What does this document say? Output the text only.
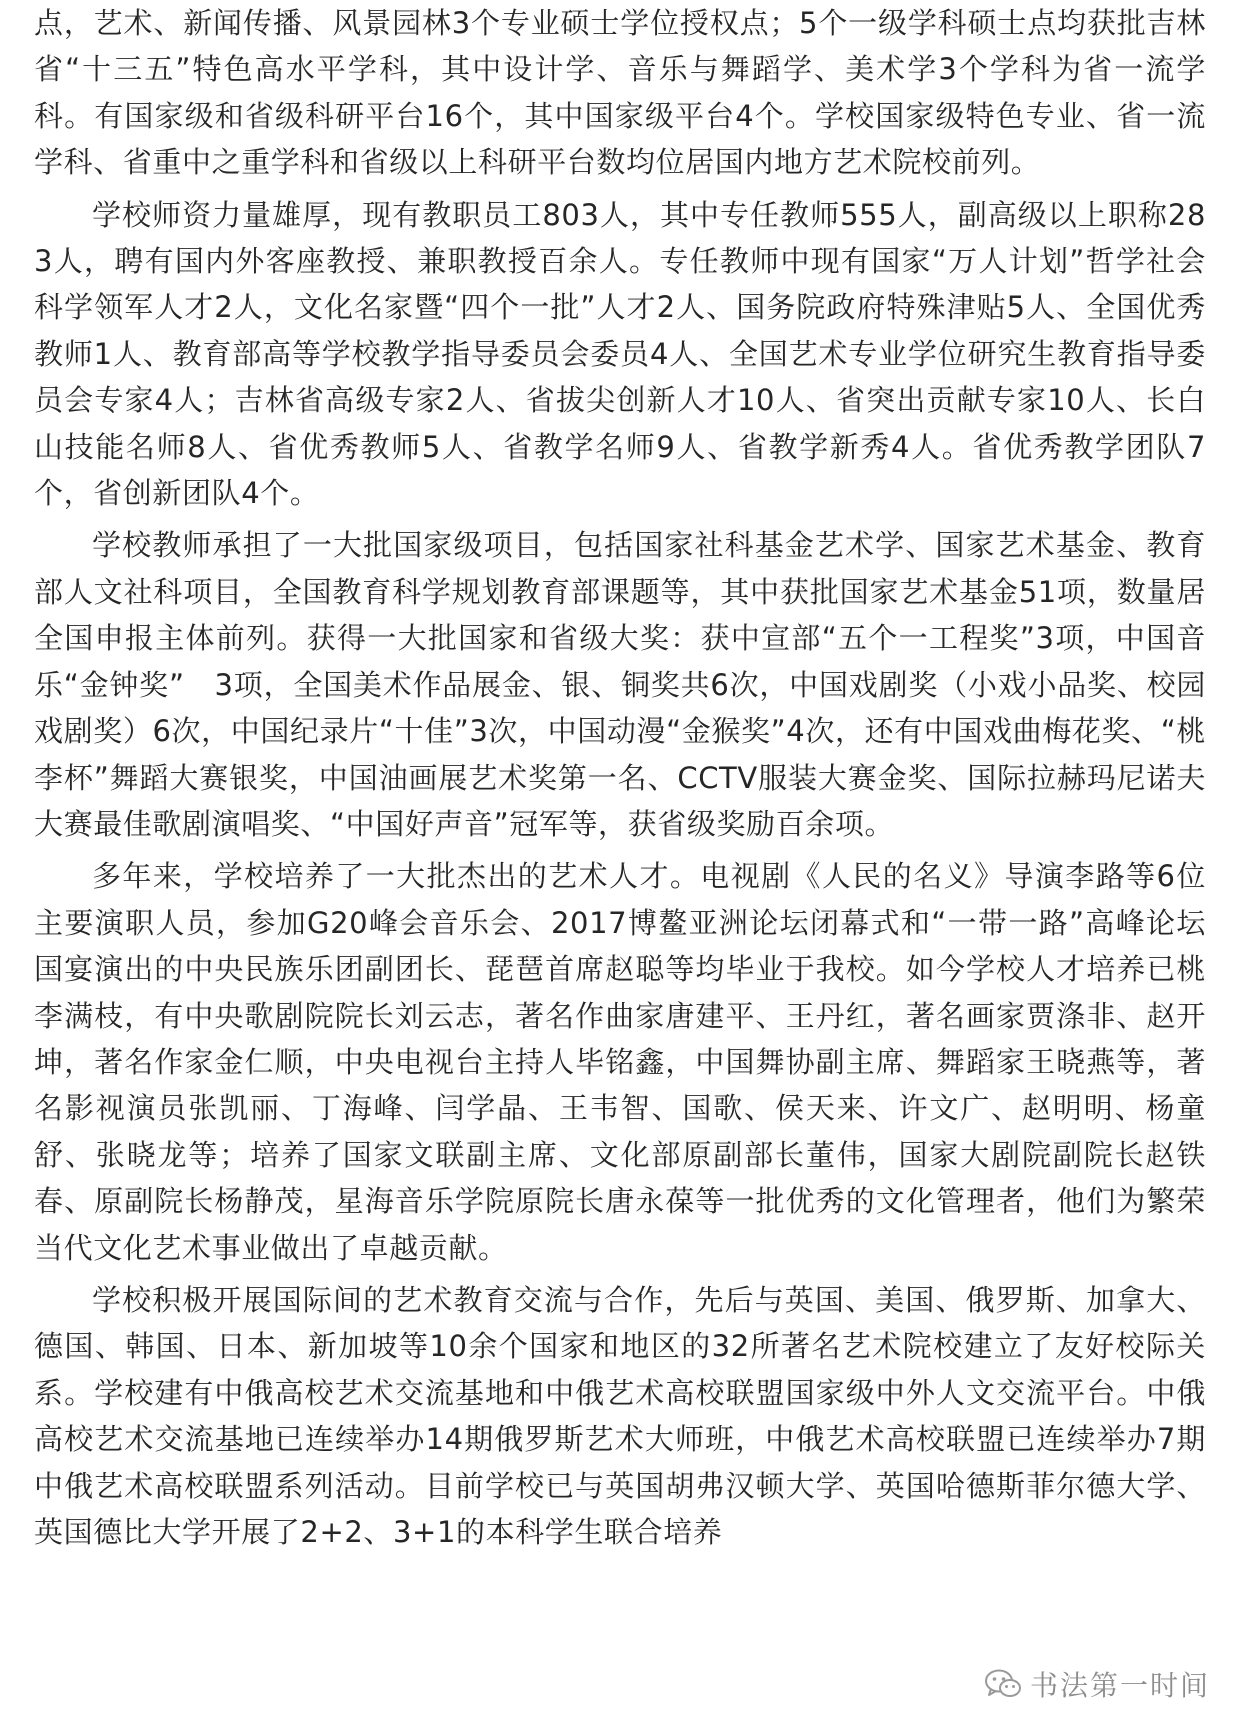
点，艺术、新闻传播、风景园林3个专业硕士学位授权点；5个一级学科硕士点均获批吉林省“十三五”特色高水平学科，其中设计学、音乐与舞蹈学、美术学3个学科为省一流学科。有国家级和省级科研平台16个，其中国家级平台4个。学校国家级特色专业、省一流学科、省重中之重学科和省级以上科研平台数均位居国内地方艺术院校前列。

学校师资力量雄厚，现有教职员工803人，其中专任教师555人，副高级以上职称283人，聘有国内外客座教授、兼职教授百余人。专任教师中现有国家“万人计划”哲学社会科学领军人才2人，文化名家暨“四个一批”人才2人、国务院政府特殊津贴5人、全国优秀教师1人、教育部高等学校教学指导委员会委员4人、全国艺术专业学位研究生教育指导委员会专家4人；吉林省高级专家2人、省拔尖创新人才10人、省突出贡献专家10人、长白山技能名师8人、省优秀教师5人、省教学名师9人、省教学新秀4人。省优秀教学团队7个，省创新团队4个。

学校教师承担了一大批国家级项目，包括国家社科基金艺术学、国家艺术基金、教育部人文社科项目，全国教育科学规划教育部课题等，其中获批国家艺术基金51项，数量居全国申报主体前列。获得一大批国家和省级大奖：获中宣部“五个一工程奖”3项，中国音乐“金钟奖”　3项，全国美术作品展金、银、铜奖共6次，中国戏剧奖（小戏小品奖、校园戏剧奖）6次，中国纪录片“十佳”3次，中国动漫“金猴奖”4次，还有中国戏曲梅花奖、“桃李杯”舞蹈大赛银奖，中国油画展艺术奖第一名、CCTV服装大赛金奖、国际拉赫玛尼诺夫大赛最佳歌剧演唱奖、“中国好声音”冠军等，获省级奖励百余项。

多年来，学校培养了一大批杰出的艺术人才。电视剧《人民的名义》导演李路等6位主要演职人员，参加G20峰会音乐会、2017博鳌亚洲论坛闭幕式和“一带一路”高峰论坛国宴演出的中央民族乐团副团长、琵琶首席赵聪等均毕业于我校。如今学校人才培养已桃李满枝，有中央歌剧院院长刘云志，著名作曲家唐建平、王丹红，著名画家贾涤非、赵开坤，著名作家金仁顺，中央电视台主持人毕铭鑫，中国舞协副主席、舞蹈家王晓燕等，著名影视演员张凯丽、丁海峰、闫学晶、王韦智、国歌、侯天来、许文广、赵明明、杨童舒、张晓龙等；培养了国家文联副主席、文化部原副部长董伟，国家大剧院副院长赵铁春、原副院长杨静茂，星海音乐学院原院长唐永葆等一批优秀的文化管理者，他们为繁荣当代文化艺术事业做出了卓越贡献。

学校积极开展国际间的艺术教育交流与合作，先后与英国、美国、俄罗斯、加拿大、德国、韩国、日本、新加坡等10余个国家和地区的32所著名艺术院校建立了友好校际关系。学校建有中俄高校艺术交流基地和中俄艺术高校联盟国家级中外人文交流平台。中俄高校艺术交流基地已连续举办14期俄罗斯艺术大师班，中俄艺术高校联盟已连续举办7期中俄艺术高校联盟系列活动。目前学校已与英国胡弗汉顿大学、英国哈德斯菲尔德大学、英国德比大学开展了2+2、3+1的本科学生联合培养

书法第一时间
